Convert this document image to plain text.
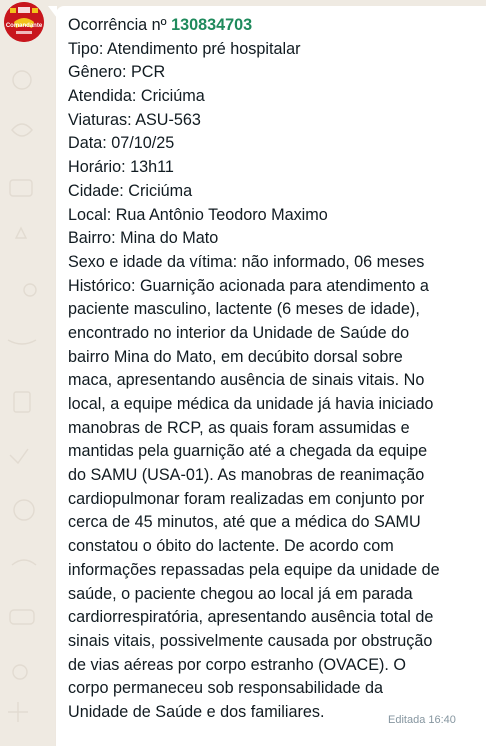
Comandante Ocorrência nº 130834703
Tipo: Atendimento pré hospitalar
Gênero: PCR
Atendida: Criciúma
Viaturas: ASU-563
Data: 07/10/25
Horário: 13h11
Cidade: Criciúma
Local: Rua Antônio Teodoro Maximo
Bairro: Mina do Mato
Sexo e idade da vítima: não informado, 06 meses
Histórico: Guarnição acionada para atendimento a
paciente masculino, lactente (6 meses de idade),
encontrado no interior da Unidade de Saúde do
bairro Mina do Mato, em decúbito dorsal sobre
maca, apresentando ausência de sinais vitais. No
local, a equipe médica da unidade já havia iniciado
manobras de RCP, as quais foram assumidas e
mantidas pela guarnição até a chegada da equipe
do SAMU (USA-01). As manobras de reanimação
cardiopulmonar foram realizadas em conjunto por
cerca de 45 minutos, até que a médica do SAMU
constatou o óbito do lactente. De acordo com
informações repassadas pela equipe da unidade de
saúde, o paciente chegou ao local já em parada
cardiorrespiratória, apresentando ausência total de
sinais vitais, possivelmente causada por obstrução
de vias aéreas por corpo estranho (OVACE). O
corpo permaneceu sob responsabilidade da
Unidade de Saúde e dos familiares.	Editada 16:40
